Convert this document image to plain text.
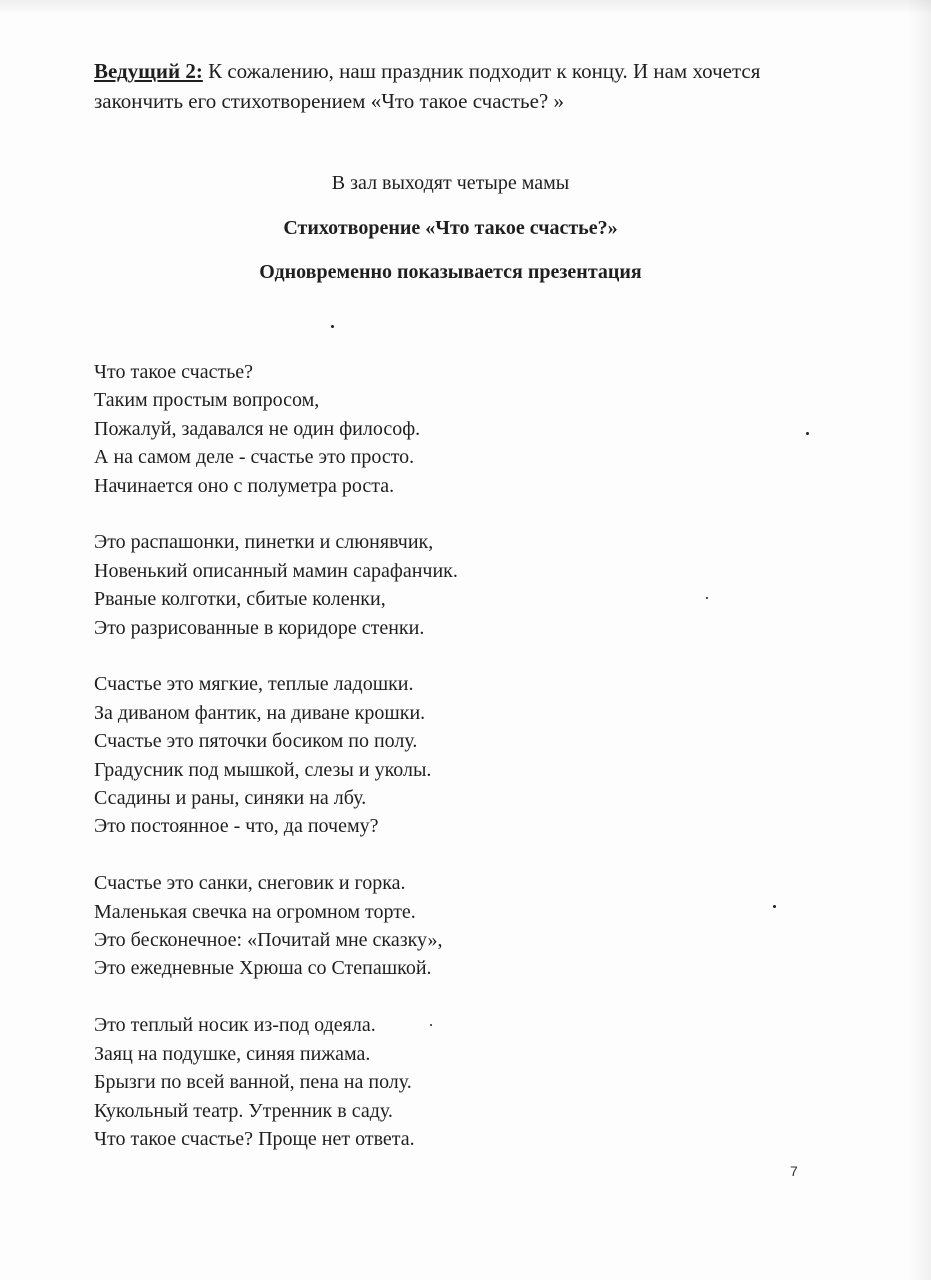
Ведущий 2: К сожалению, наш праздник подходит к концу. И нам хочется закончить его стихотворением «Что такое счастье? »
В зал выходят четыре мамы
Стихотворение «Что такое счастье?»
Одновременно показывается презентация
Что такое счастье?
Таким простым вопросом,
Пожалуй, задавался не один философ.
А на самом деле - счастье это просто.
Начинается оно с полуметра роста.
Это распашонки, пинетки и слюнявчик,
Новенький описанный мамин сарафанчик.
Рваные колготки, сбитые коленки,
Это разрисованные в коридоре стенки.
Счастье это мягкие, теплые ладошки.
За диваном фантик, на диване крошки.
Счастье это пяточки босиком по полу.
Градусник под мышкой, слезы и уколы.
Ссадины и раны, синяки на лбу.
Это постоянное - что, да почему?
Счастье это санки, снеговик и горка.
Маленькая свечка на огромном торте.
Это бесконечное: «Почитай мне сказку»,
Это ежедневные Хрюша со Степашкой.
Это теплый носик из-под одеяла.
Заяц на подушке, синяя пижама.
Брызги по всей ванной, пена на полу.
Кукольный театр. Утренник в саду.
Что такое счастье? Проще нет ответа.
7
